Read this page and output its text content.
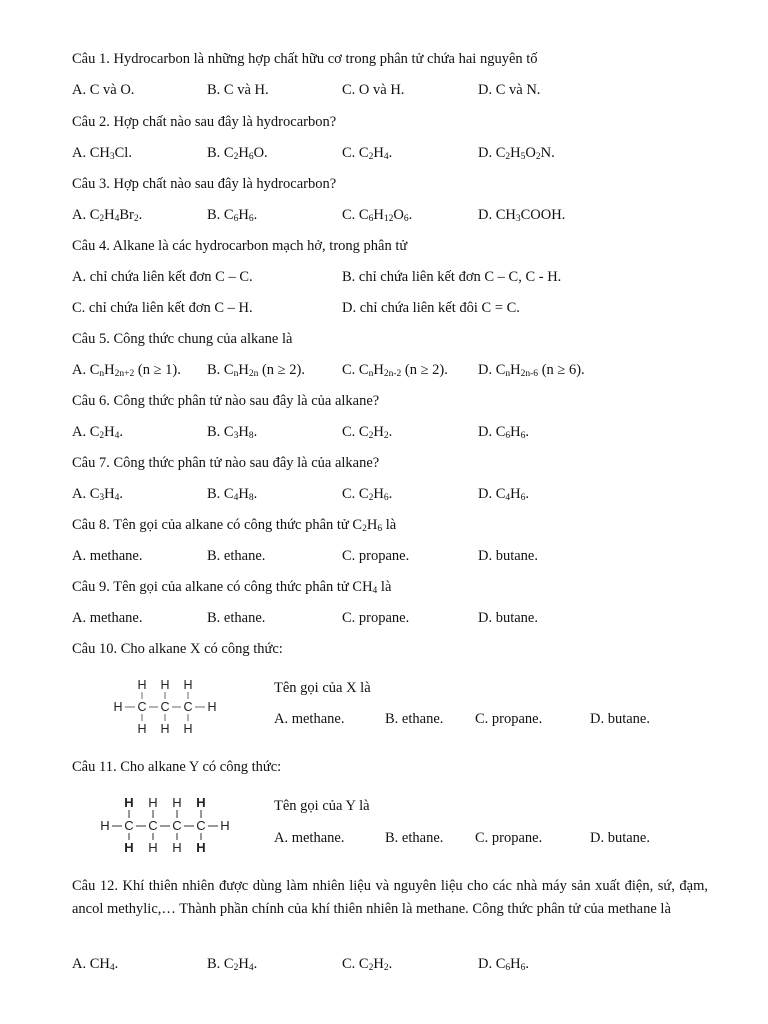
Câu 1. Hydrocarbon là những hợp chất hữu cơ trong phân tử chứa hai nguyên tố
A. C và O.	B. C và H.	C. O và H.	D. C và N.
Câu 2. Hợp chất nào sau đây là hydrocarbon?
A. $CH_3Cl$.	B. $C_2H_6O$.	C. $C_2H_4$.	D. $C_2H_5O_2N$.
Câu 3. Hợp chất nào sau đây là hydrocarbon?
A. $C_2H_4Br_2$.	B. $C_6H_6$.	C. $C_6H_{12}O_6$.	D. $CH_3COOH$.
Câu 4. Alkane là các hydrocarbon mạch hở, trong phân tử
A. chỉ chứa liên kết đơn C – C.	B. chỉ chứa liên kết đơn C – C, C - H.
C. chỉ chứa liên kết đơn C – H.	D. chỉ chứa liên kết đôi C = C.
Câu 5. Công thức chung của alkane là
A. $C_nH_{2n+2}$ (n ≥ 1). B. $C_nH_{2n}$ (n ≥ 2).	C. $C_nH_{2n-2}$ (n ≥ 2). D. $C_nH_{2n-6}$ (n ≥ 6).
Câu 6. Công thức phân tử nào sau đây là của alkane?
A. $C_2H_4$.	B. $C_3H_8$.	C. $C_2H_2$.	D. $C_6H_6$.
Câu 7. Công thức phân tử nào sau đây là của alkane?
A. $C_3H_4$.	B. $C_4H_8$.	C. $C_2H_6$.	D. $C_4H_6$.
Câu 8. Tên gọi của alkane có công thức phân tử $C_2H_6$ là
A. methane.	B. ethane.	C. propane.	D. butane.
Câu 9. Tên gọi của alkane có công thức phân tử $CH_4$ là
A. methane.	B. ethane.	C. propane.	D. butane.
Câu 10. Cho alkane X có công thức:
H H H
H C C C H
H H H
Tên gọi của X là
A. methane.	B. ethane. C. propane.	D. butane.
Câu 11. Cho alkane Y có công thức:
H H H H
H C C C C H
H H H H
Tên gọi của Y là
A. methane.	B. ethane. C. propane.	D. butane.
Câu 12. Khí thiên nhiên được dùng làm nhiên liệu và nguyên liệu cho các nhà máy sản xuất điện, sứ, đạm, ancol methylic,… Thành phần chính của khí thiên nhiên là methane. Công thức phân tử của methane là
A. $CH_4$.	B. $C_2H_4$.	C. $C_2H_2$.	D. $C_6H_6$.
